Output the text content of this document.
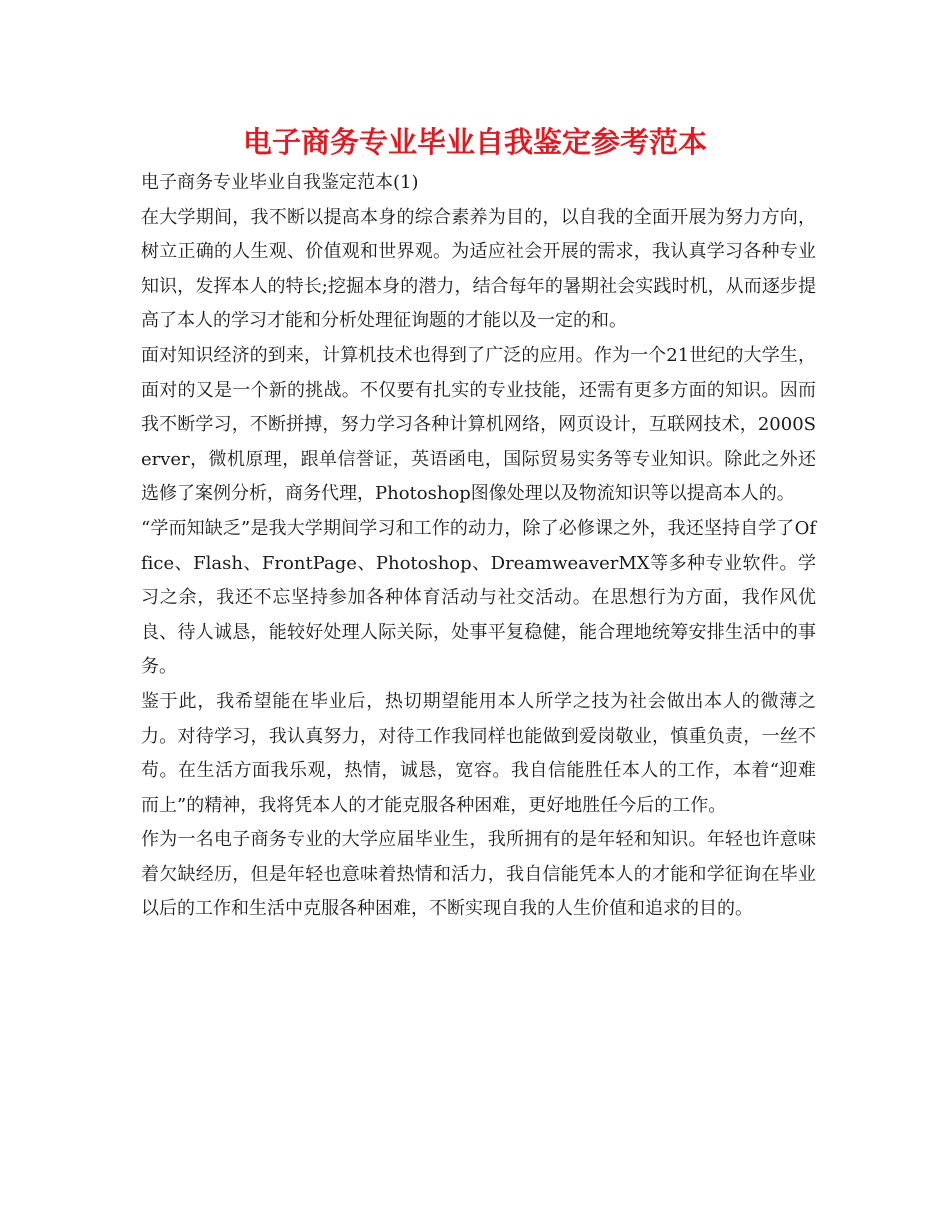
电子商务专业毕业自我鉴定参考范本

电子商务专业毕业自我鉴定范本(1)

在大学期间，我不断以提高本身的综合素养为目的，以自我的全面开展为努力方向，树立正确的人生观、价值观和世界观。为适应社会开展的需求，我认真学习各种专业知识，发挥本人的特长;挖掘本身的潜力，结合每年的暑期社会实践时机，从而逐步提高了本人的学习才能和分析处理征询题的才能以及一定的和。

面对知识经济的到来，计算机技术也得到了广泛的应用。作为一个21世纪的大学生，面对的又是一个新的挑战。不仅要有扎实的专业技能，还需有更多方面的知识。因而我不断学习，不断拼搏，努力学习各种计算机网络，网页设计，互联网技术，2000Server，微机原理，跟单信誉证，英语函电，国际贸易实务等专业知识。除此之外还选修了案例分析，商务代理，Photoshop图像处理以及物流知识等以提高本人的。

“学而知缺乏”是我大学期间学习和工作的动力，除了必修课之外，我还坚持自学了Office、Flash、FrontPage、Photoshop、DreamweaverMX等多种专业软件。学习之余，我还不忘坚持参加各种体育活动与社交活动。在思想行为方面，我作风优良、待人诚恳，能较好处理人际关际，处事平复稳健，能合理地统筹安排生活中的事务。

鉴于此，我希望能在毕业后，热切期望能用本人所学之技为社会做出本人的微薄之力。对待学习，我认真努力，对待工作我同样也能做到爱岗敬业，慎重负责，一丝不苟。在生活方面我乐观，热情，诚恳，宽容。我自信能胜任本人的工作，本着“迎难而上”的精神，我将凭本人的才能克服各种困难，更好地胜任今后的工作。

作为一名电子商务专业的大学应届毕业生，我所拥有的是年轻和知识。年轻也许意味着欠缺经历，但是年轻也意味着热情和活力，我自信能凭本人的才能和学征询在毕业以后的工作和生活中克服各种困难，不断实现自我的人生价值和追求的目的。
